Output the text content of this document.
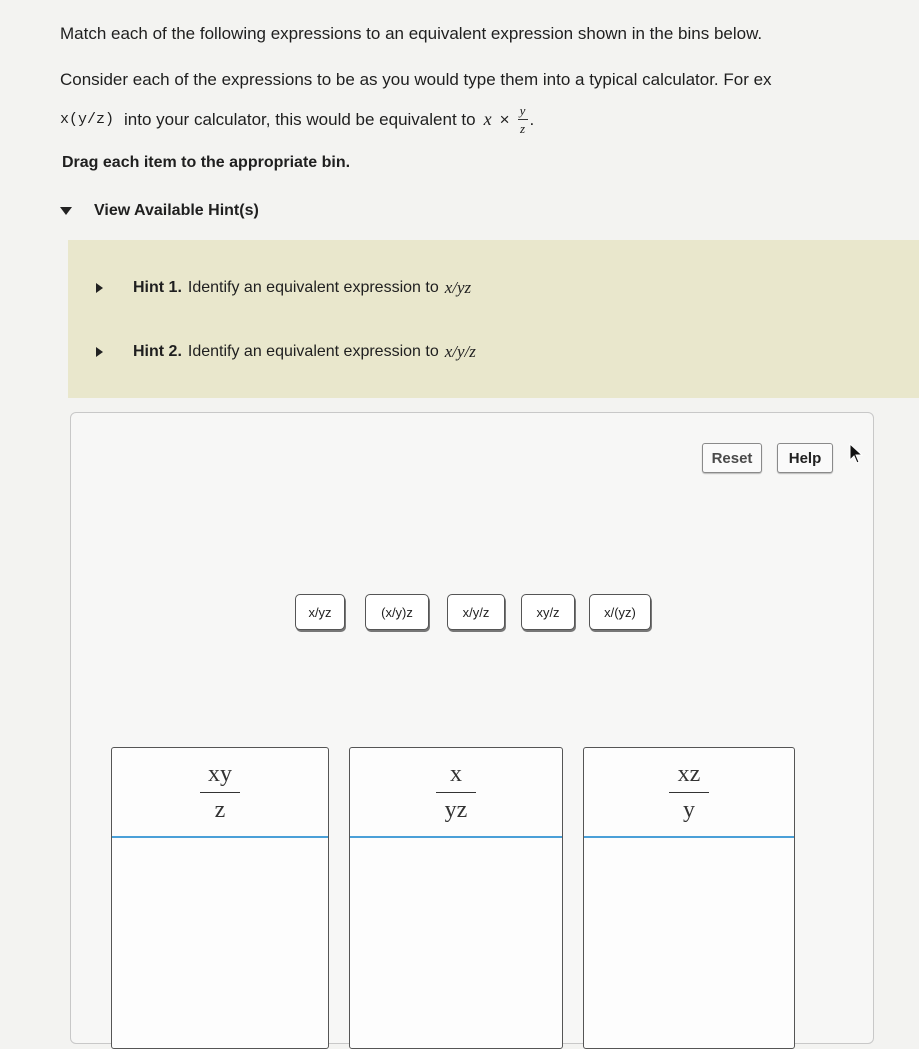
Match each of the following expressions to an equivalent expression shown in the bins below.
Consider each of the expressions to be as you would type them into a typical calculator. For ex
x(y/z) into your calculator, this would be equivalent to $x \times \frac{y}{z}$ .
Drag each item to the appropriate bin.
View Available Hint(s)
Hint 1. Identify an equivalent expression to x/yz
Hint 2. Identify an equivalent expression to x/y/z
Reset	Help
x/yz	(x/y)z	x/y/z	xy/z	x/(yz)
$\frac{xy}{z}$	$\frac{x}{yz}$	$\frac{xz}{y}$
